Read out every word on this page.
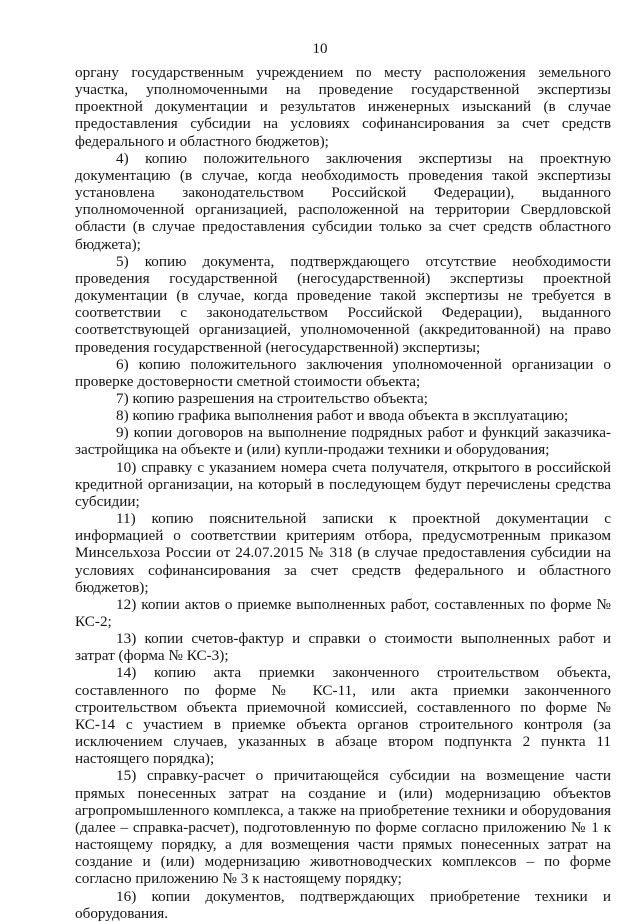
10

органу государственным учреждением по месту расположения земельного участка, уполномоченными на проведение государственной экспертизы проектной документации и результатов инженерных изысканий (в случае предоставления субсидии на условиях софинансирования за счет средств федерального и областного бюджетов);

4) копию положительного заключения экспертизы на проектную документацию (в случае, когда необходимость проведения такой экспертизы установлена законодательством Российской Федерации), выданного уполномоченной организацией, расположенной на территории Свердловской области (в случае предоставления субсидии только за счет средств областного бюджета);

5) копию документа, подтверждающего отсутствие необходимости проведения государственной (негосударственной) экспертизы проектной документации (в случае, когда проведение такой экспертизы не требуется в соответствии с законодательством Российской Федерации), выданного соответствующей организацией, уполномоченной (аккредитованной) на право проведения государственной (негосударственной) экспертизы;

6) копию положительного заключения уполномоченной организации о проверке достоверности сметной стоимости объекта;

7) копию разрешения на строительство объекта;

8) копию графика выполнения работ и ввода объекта в эксплуатацию;

9) копии договоров на выполнение подрядных работ и функций заказчика-застройщика на объекте и (или) купли-продажи техники и оборудования;

10) справку с указанием номера счета получателя, открытого в российской кредитной организации, на который в последующем будут перечислены средства субсидии;

11) копию пояснительной записки к проектной документации с информацией о соответствии критериям отбора, предусмотренным приказом Минсельхоза России от 24.07.2015 № 318 (в случае предоставления субсидии на условиях софинансирования за счет средств федерального и областного бюджетов);

12) копии актов о приемке выполненных работ, составленных по форме № КС-2;

13) копии счетов-фактур и справки о стоимости выполненных работ и затрат (форма № КС-3);

14) копию акта приемки законченного строительством объекта, составленного по форме № КС-11, или акта приемки законченного строительством объекта приемочной комиссией, составленного по форме № КС-14 с участием в приемке объекта органов строительного контроля (за исключением случаев, указанных в абзаце втором подпункта 2 пункта 11 настоящего порядка);

15) справку-расчет о причитающейся субсидии на возмещение части прямых понесенных затрат на создание и (или) модернизацию объектов агропромышленного комплекса, а также на приобретение техники и оборудования (далее – справка-расчет), подготовленную по форме согласно приложению № 1 к настоящему порядку, а для возмещения части прямых понесенных затрат на создание и (или) модернизацию животноводческих комплексов – по форме согласно приложению № 3 к настоящему порядку;

16) копии документов, подтверждающих приобретение техники и оборудования.
